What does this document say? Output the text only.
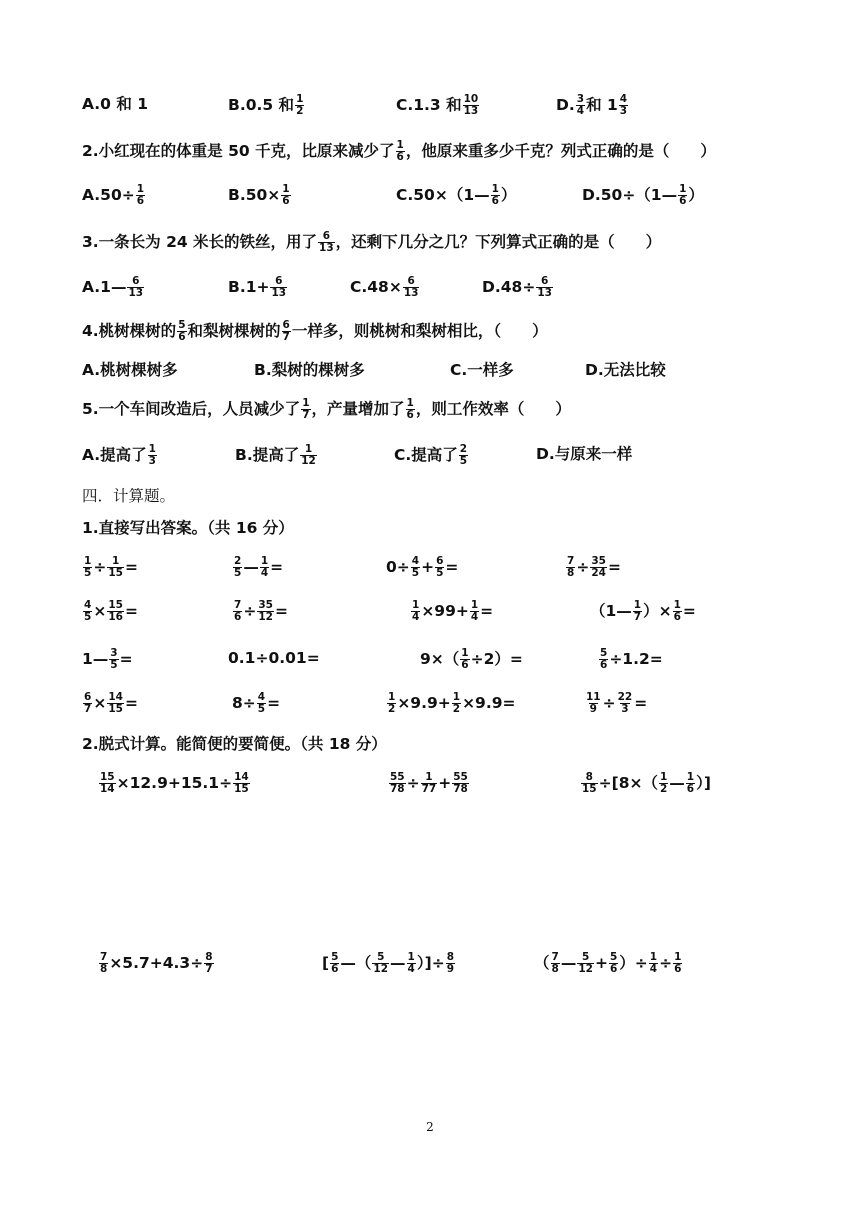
A.0 和 1	B.0.5 和 $\frac{1}{2}$	C.1.3 和 $\frac{10}{13}$	D. $\frac{3}{4}$ 和 $1 \frac{4}{3}$
2.小红现在的体重是 50 千克，比原来减少了 $\frac{1}{6}$ ，他原来重多少千克？列式正确的是（　　）
$A.50\div \frac{1}{6}$	$B.50\times \frac{1}{6}$	C.50×（1— $\frac{1}{6}$ ）	D.50÷（1— $\frac{1}{6}$ ）
3.一条长为 24 米长的铁丝，用了 $\frac{6}{13}$ ，还剩下几分之几？下列算式正确的是（　　）
A.1— $\frac{6}{13}$	$B.1+ \frac{6}{13}$	$C.48\times \frac{6}{13}$	$D.48\div \frac{6}{13}$
4.桃树棵树的 $\frac{5}{6}$ 和梨树棵树的 $\frac{6}{7}$ 一样多，则桃树和梨树相比，（　　）
A.桃树棵树多	B.梨树的棵树多	C.一样多	D.无法比较
5.一个车间改造后，人员减少了 $\frac{1}{7}$ ，产量增加了 $\frac{1}{6}$ ，则工作效率（　　）
A.提高了 $\frac{1}{3}$	B.提高了 $\frac{1}{12}$	C.提高了 $\frac{2}{5}$	D.与原来一样
四．计算题。
1.直接写出答案。（共 16 分）
$\frac{1}{5} \div \frac{1}{15}$ =	$\frac{2}{5}$ — $\frac{1}{4}$ =	$0\div \frac{4}{5} + \frac{6}{5}$ =	$\frac{7}{8} \div \frac{35}{24}$ =
$\frac{4}{5} \times \frac{15}{16}$ =	$\frac{7}{6} \div \frac{35}{12}$ =	$\frac{1}{4} \times 99+ \frac{1}{4}$ =	（1— $\frac{1}{7}$ ）× $\frac{1}{6}$ =
1— $\frac{3}{5}$ =	0.1÷0.01=	$9\times( \frac{1}{6} \div 2)=$	$\frac{5}{6} \div 1.2=$
$\frac{6}{7} \times \frac{14}{15}$ =	$8\div \frac{4}{5}$ =	$\frac{1}{2} \times 9.9+ \frac{1}{2} \times 9.9=$	$\frac{11}{9} \div \frac{22}{3}$ =
2.脱式计算。能简便的要简便。（共 18 分）
$\frac{15}{14} \times 12.9+15.1\div \frac{14}{15}$	$\frac{55}{78} \div \frac{1}{77} + \frac{55}{78}$	$\frac{8}{15} \div[8\times( \frac{1}{2}$ — $\frac{1}{6}$ ）]
$\frac{7}{8} \times 5.7+4.3\div \frac{8}{7}$	[ $\frac{5}{6}$ —（ $\frac{5}{12}$ — $\frac{1}{4}$ ）]÷ $\frac{8}{9}$	（ $\frac{7}{8}$ — $\frac{5}{12} + \frac{5}{6}$ ）÷ $\frac{1}{4} \div \frac{1}{6}$
2
